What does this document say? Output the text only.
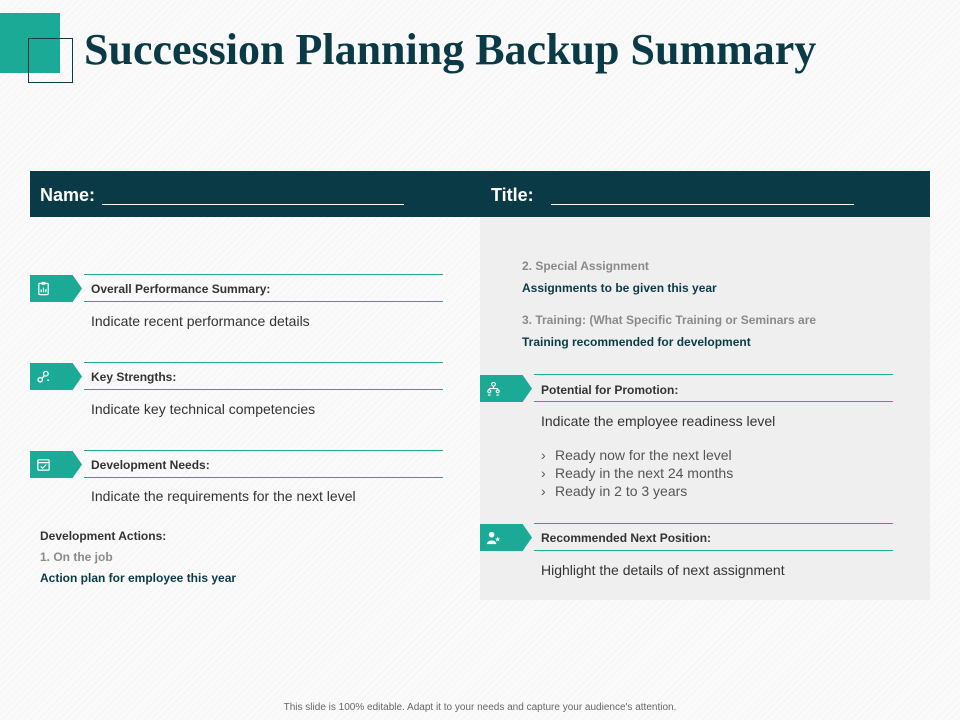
Succession Planning Backup Summary
Name:	Title:
Overall Performance Summary:
Indicate recent performance details
Key Strengths:
Indicate key technical competencies
Development Needs:
Indicate the requirements for the next level
Development Actions:
1. On the job
Action plan for employee this year
2. Special Assignment
Assignments to be given this year
3. Training: (What Specific Training or Seminars are
Training recommended for development
Potential for Promotion:
Indicate the employee readiness level
› Ready now for the next level
› Ready in the next 24 months
› Ready in 2 to 3 years
Recommended Next Position:
Highlight the details of next assignment
This slide is 100% editable. Adapt it to your needs and capture your audience's attention.
